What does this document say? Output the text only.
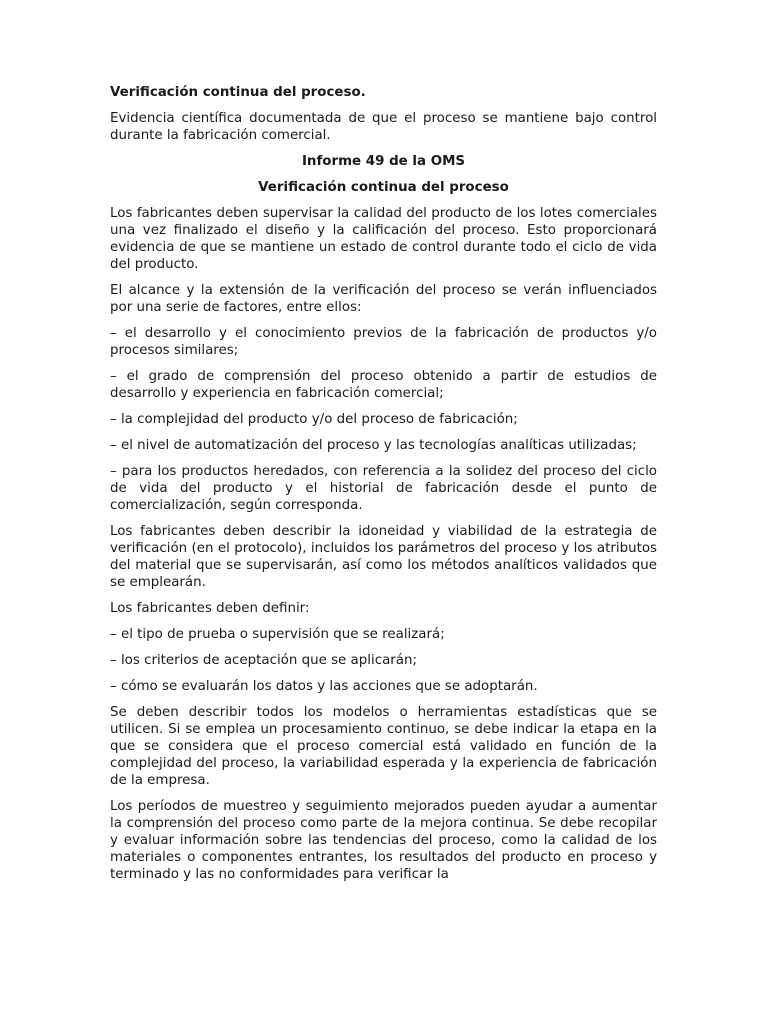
Verificación continua del proceso.

Evidencia científica documentada de que el proceso se mantiene bajo control durante la fabricación comercial.

Informe 49 de la OMS

Verificación continua del proceso

Los fabricantes deben supervisar la calidad del producto de los lotes comerciales una vez finalizado el diseño y la calificación del proceso. Esto proporcionará evidencia de que se mantiene un estado de control durante todo el ciclo de vida del producto.

El alcance y la extensión de la verificación del proceso se verán influenciados por una serie de factores, entre ellos:

– el desarrollo y el conocimiento previos de la fabricación de productos y/o procesos similares;

– el grado de comprensión del proceso obtenido a partir de estudios de desarrollo y experiencia en fabricación comercial;

– la complejidad del producto y/o del proceso de fabricación;

– el nivel de automatización del proceso y las tecnologías analíticas utilizadas;

– para los productos heredados, con referencia a la solidez del proceso del ciclo de vida del producto y el historial de fabricación desde el punto de comercialización, según corresponda.

Los fabricantes deben describir la idoneidad y viabilidad de la estrategia de verificación (en el protocolo), incluidos los parámetros del proceso y los atributos del material que se supervisarán, así como los métodos analíticos validados que se emplearán.

Los fabricantes deben definir:

– el tipo de prueba o supervisión que se realizará;

– los criterios de aceptación que se aplicarán;

– cómo se evaluarán los datos y las acciones que se adoptarán.

Se deben describir todos los modelos o herramientas estadísticas que se utilicen. Si se emplea un procesamiento continuo, se debe indicar la etapa en la que se considera que el proceso comercial está validado en función de la complejidad del proceso, la variabilidad esperada y la experiencia de fabricación de la empresa.

Los períodos de muestreo y seguimiento mejorados pueden ayudar a aumentar la comprensión del proceso como parte de la mejora continua. Se debe recopilar y evaluar información sobre las tendencias del proceso, como la calidad de los materiales o componentes entrantes, los resultados del producto en proceso y terminado y las no conformidades para verificar la
